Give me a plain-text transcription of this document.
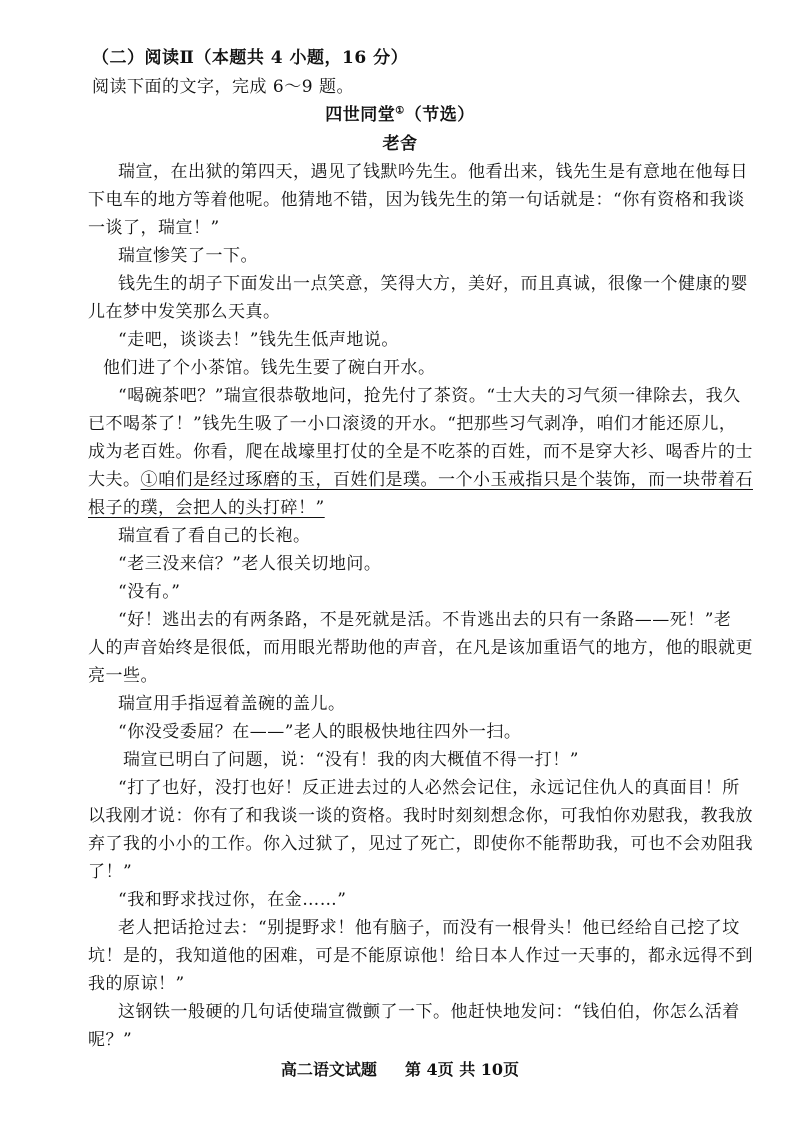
（二）阅读Ⅱ（本题共 4 小题，16 分）
阅读下面的文字，完成 6～9 题。
四世同堂①（节选）
老舍
瑞宣，在出狱的第四天，遇见了钱默吟先生。他看出来，钱先生是有意地在他每日
下电车的地方等着他呢。他猜地不错，因为钱先生的第一句话就是：“你有资格和我谈
一谈了，瑞宣！”
瑞宣惨笑了一下。
钱先生的胡子下面发出一点笑意，笑得大方，美好，而且真诚，很像一个健康的婴
儿在梦中发笑那么天真。
“走吧，谈谈去！”钱先生低声地说。
他们进了个小茶馆。钱先生要了碗白开水。
“喝碗茶吧？”瑞宣很恭敬地问，抢先付了茶资。“士大夫的习气须一律除去，我久
已不喝茶了！”钱先生吸了一小口滚烫的开水。“把那些习气剥净，咱们才能还原儿，
成为老百姓。你看，爬在战壕里打仗的全是不吃茶的百姓，而不是穿大衫、喝香片的士
大夫。①咱们是经过琢磨的玉，百姓们是璞。一个小玉戒指只是个装饰，而一块带着石
根子的璞，会把人的头打碎！”
瑞宣看了看自己的长袍。
“老三没来信？”老人很关切地问。
“没有。”
“好！逃出去的有两条路，不是死就是活。不肯逃出去的只有一条路——死！”老
人的声音始终是很低，而用眼光帮助他的声音，在凡是该加重语气的地方，他的眼就更
亮一些。
瑞宣用手指逗着盖碗的盖儿。
“你没受委屈？在——”老人的眼极快地往四外一扫。
瑞宣已明白了问题，说：“没有！我的肉大概值不得一打！”
“打了也好，没打也好！反正进去过的人必然会记住，永远记住仇人的真面目！所
以我刚才说：你有了和我谈一谈的资格。我时时刻刻想念你，可我怕你劝慰我，教我放
弃了我的小小的工作。你入过狱了，见过了死亡，即使你不能帮助我，可也不会劝阻我
了！”
“我和野求找过你，在金……”
老人把话抢过去：“别提野求！他有脑子，而没有一根骨头！他已经给自己挖了坟
坑！是的，我知道他的困难，可是不能原谅他！给日本人作过一天事的，都永远得不到
我的原谅！”
这钢铁一般硬的几句话使瑞宣微颤了一下。他赶快地发问：“钱伯伯，你怎么活着
呢？”
高二语文试题 第 4页 共 10页
